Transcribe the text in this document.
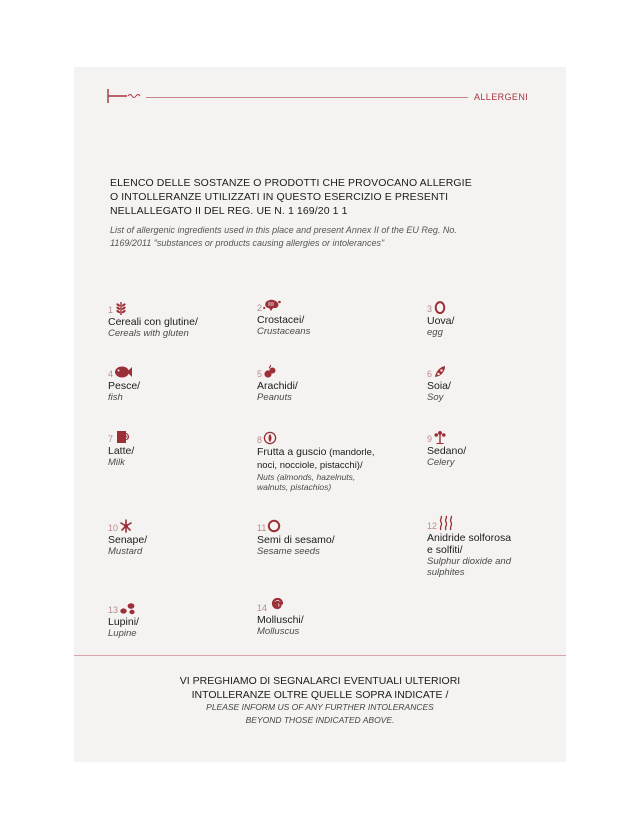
ALLERGENI
ELENCO DELLE SOSTANZE O PRODOTTI CHE PROVOCANO ALLERGIE
O INTOLLERANZE UTILIZZATI IN QUESTO ESERCIZIO E PRESENTI
NELLALLEGATO II DEL REG. UE N. 1 169/20 1 1
List of allergenic ingredients used in this place and present Annex II of the EU Reg. No.
1169/2011 "substances or products causing allergies or intolerances"
1
Cereali con glutine/
Cereals with gluten
2
Crostacei/
Crustaceans
3
Uova/
egg
4
Pesce/
fish
5
Arachidi/
Peanuts
6
Soia/
Soy
7
Latte/
Milk
8
Frutta a guscio (mandorle,
noci, nocciole, pistacchi)/
Nuts (almonds, hazelnuts,
walnuts, pistachios)
9
Sedano/
Celery
10
Senape/
Mustard
11
Semi di sesamo/
Sesame seeds
12
Anidride solforosa
e solfiti/
Sulphur dioxide and
sulphites
13
Lupini/
Lupine
14
Molluschi/
Molluscus
VI PREGHIAMO DI SEGNALARCI EVENTUALI ULTERIORI
INTOLLERANZE OLTRE QUELLE SOPRA INDICATE /
PLEASE INFORM US OF ANY FURTHER INTOLERANCES
BEYOND THOSE INDICATED ABOVE.
